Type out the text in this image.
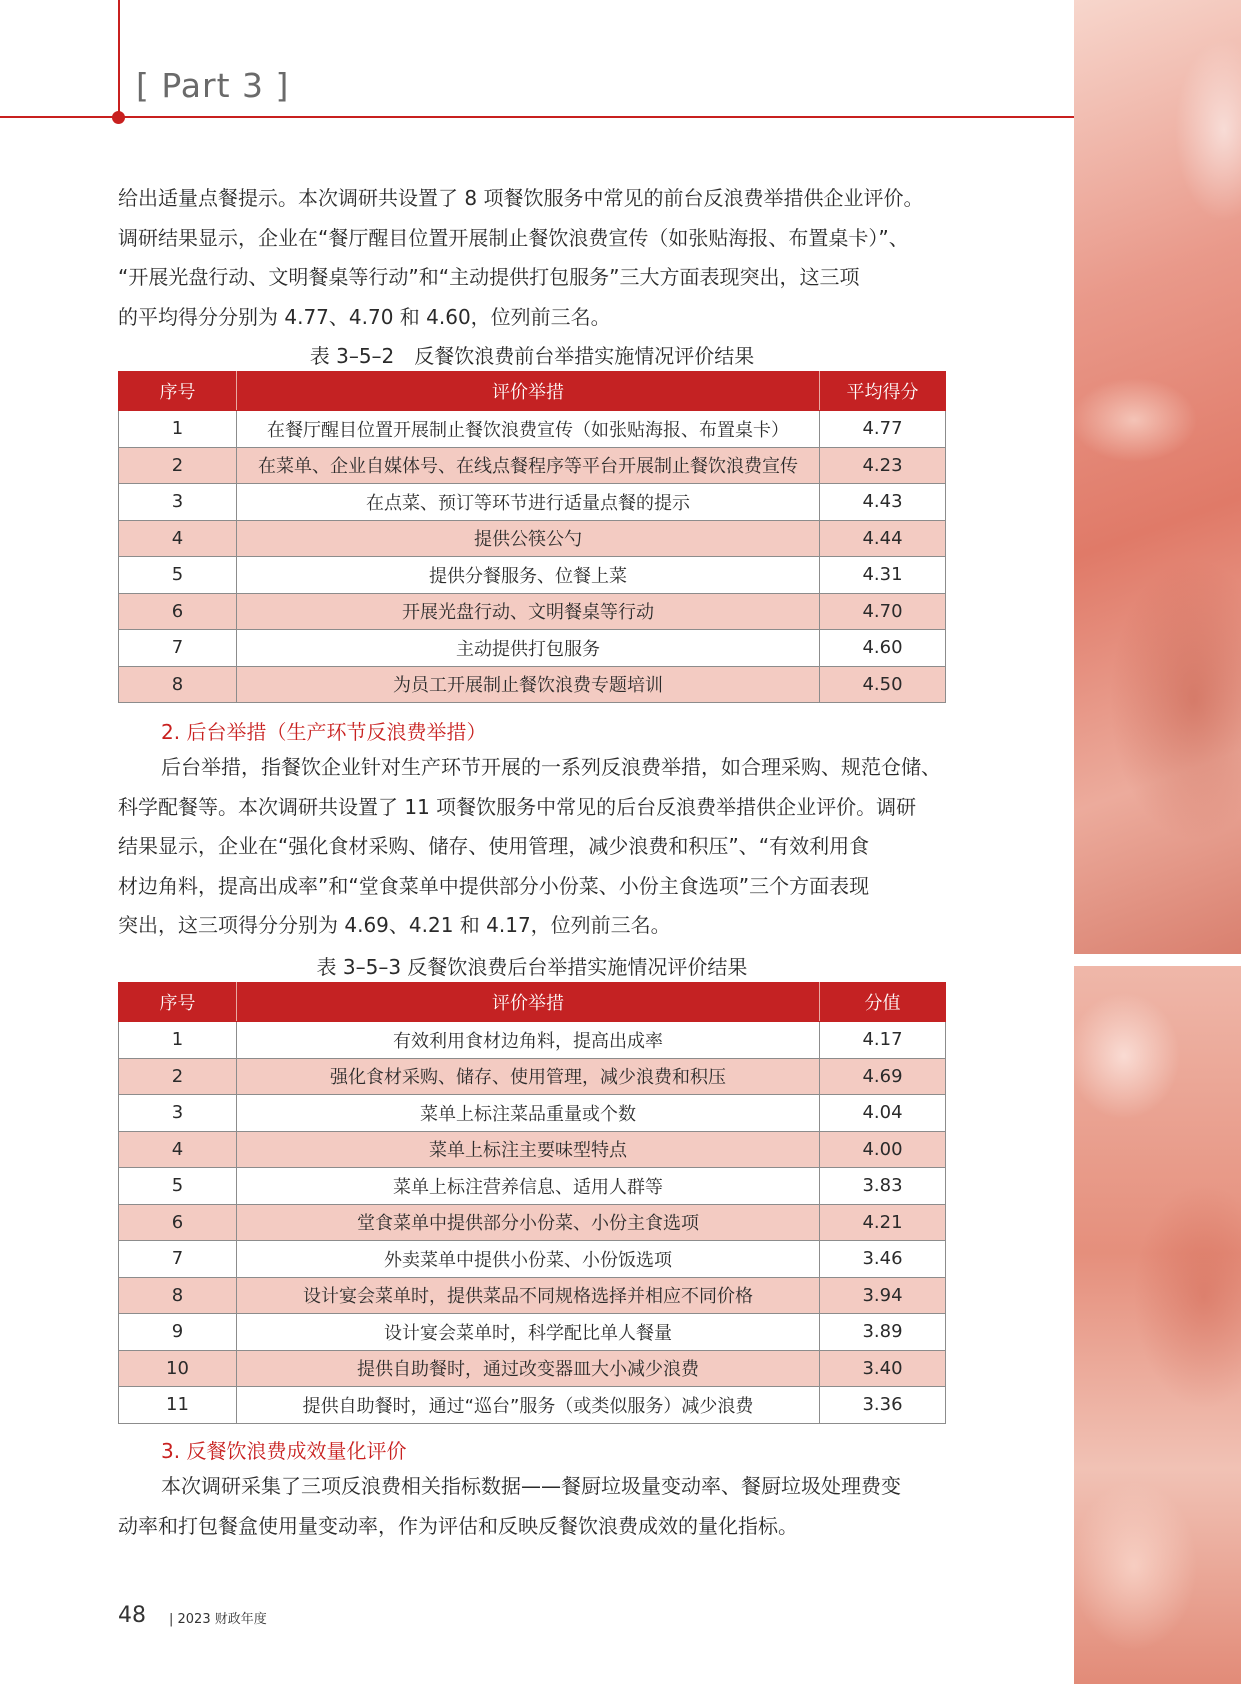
[ Part 3 ]
给出适量点餐提示。本次调研共设置了 8 项餐饮服务中常见的前台反浪费举措供企业评价。
调研结果显示，企业在“餐厅醒目位置开展制止餐饮浪费宣传（如张贴海报、布置桌卡）”、
“开展光盘行动、文明餐桌等行动”和“主动提供打包服务”三大方面表现突出，这三项
的平均得分分别为 4.77、4.70 和 4.60，位列前三名。
表 3–5–2　反餐饮浪费前台举措实施情况评价结果
序号	评价举措	平均得分
1	在餐厅醒目位置开展制止餐饮浪费宣传（如张贴海报、布置桌卡）	4.77
2	在菜单、企业自媒体号、在线点餐程序等平台开展制止餐饮浪费宣传	4.23
3	在点菜、预订等环节进行适量点餐的提示	4.43
4	提供公筷公勺	4.44
5	提供分餐服务、位餐上菜	4.31
6	开展光盘行动、文明餐桌等行动	4.70
7	主动提供打包服务	4.60
8	为员工开展制止餐饮浪费专题培训	4.50
2. 后台举措（生产环节反浪费举措）
后台举措，指餐饮企业针对生产环节开展的一系列反浪费举措，如合理采购、规范仓储、
科学配餐等。本次调研共设置了 11 项餐饮服务中常见的后台反浪费举措供企业评价。调研
结果显示，企业在“强化食材采购、储存、使用管理，减少浪费和积压”、“有效利用食
材边角料，提高出成率”和“堂食菜单中提供部分小份菜、小份主食选项”三个方面表现
突出，这三项得分分别为 4.69、4.21 和 4.17，位列前三名。
表 3–5–3 反餐饮浪费后台举措实施情况评价结果
序号	评价举措	分值
1	有效利用食材边角料，提高出成率	4.17
2	强化食材采购、储存、使用管理，减少浪费和积压	4.69
3	菜单上标注菜品重量或个数	4.04
4	菜单上标注主要味型特点	4.00
5	菜单上标注营养信息、适用人群等	3.83
6	堂食菜单中提供部分小份菜、小份主食选项	4.21
7	外卖菜单中提供小份菜、小份饭选项	3.46
8	设计宴会菜单时，提供菜品不同规格选择并相应不同价格	3.94
9	设计宴会菜单时，科学配比单人餐量	3.89
10	提供自助餐时，通过改变器皿大小减少浪费	3.40
11	提供自助餐时，通过“巡台”服务（或类似服务）减少浪费	3.36
3. 反餐饮浪费成效量化评价
本次调研采集了三项反浪费相关指标数据——餐厨垃圾量变动率、餐厨垃圾处理费变
动率和打包餐盒使用量变动率，作为评估和反映反餐饮浪费成效的量化指标。
48 | 2023 财政年度
